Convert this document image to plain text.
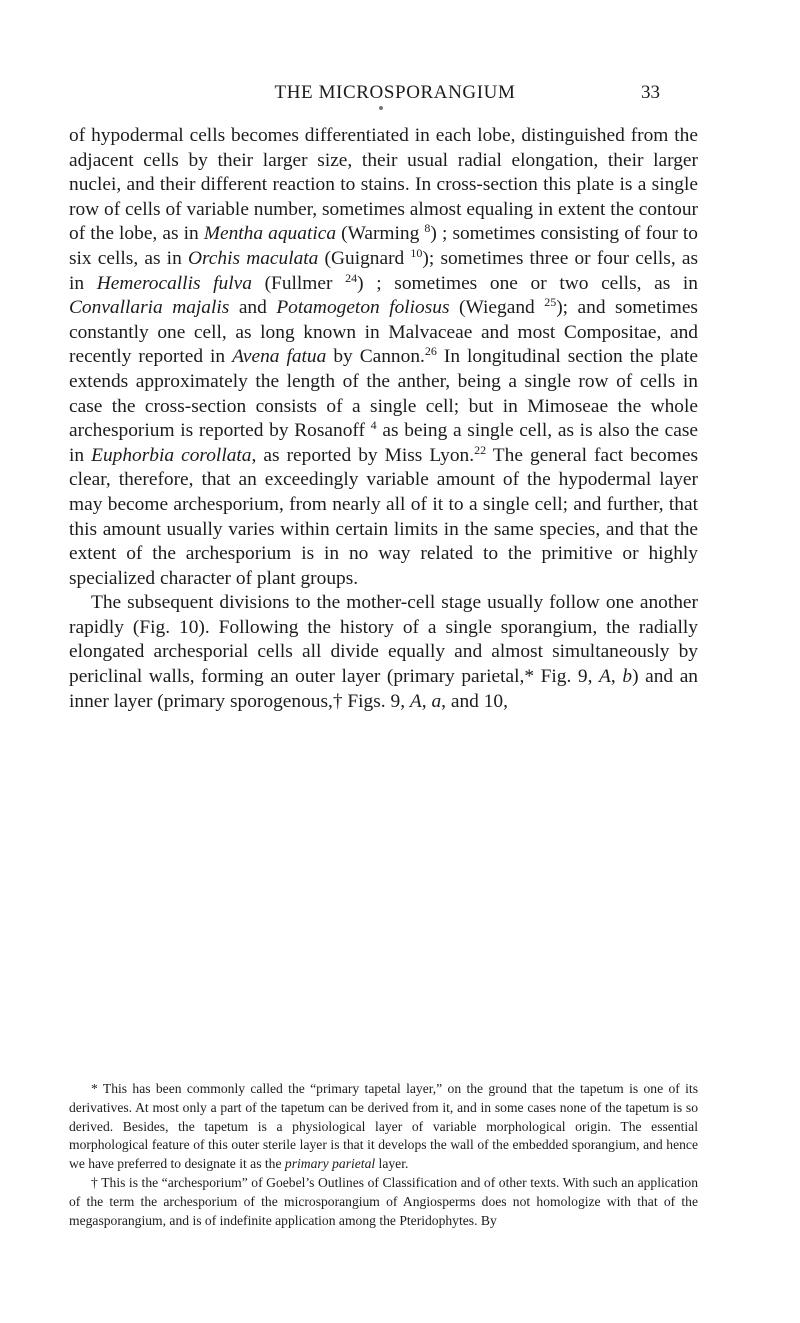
THE MICROSPORANGIUM	33

of hypodermal cells becomes differentiated in each lobe, distinguished from the adjacent cells by their larger size, their usual radial elongation, their larger nuclei, and their different reaction to stains. In cross-section this plate is a single row of cells of variable number, sometimes almost equaling in extent the contour of the lobe, as in Mentha aquatica (Warming $^8$) ; sometimes consisting of four to six cells, as in Orchis maculata (Guignard $^{10}$); sometimes three or four cells, as in Hemerocallis fulva (Fullmer $^{24}$) ; sometimes one or two cells, as in Convallaria majalis and Potamogeton foliosus (Wiegand $^{25}$); and sometimes constantly one cell, as long known in Malvaceae and most Compositae, and recently reported in Avena fatua by Cannon.$^{26}$ In longitudinal section the plate extends approximately the length of the anther, being a single row of cells in case the cross-section consists of a single cell; but in Mimoseae the whole archesporium is reported by Rosanoff $^4$ as being a single cell, as is also the case in Euphorbia corollata, as reported by Miss Lyon.$^{22}$ The general fact becomes clear, therefore, that an exceedingly variable amount of the hypodermal layer may become archesporium, from nearly all of it to a single cell; and further, that this amount usually varies within certain limits in the same species, and that the extent of the archesporium is in no way related to the primitive or highly specialized character of plant groups.

The subsequent divisions to the mother-cell stage usually follow one another rapidly (Fig. 10). Following the history of a single sporangium, the radially elongated archesporial cells all divide equally and almost simultaneously by periclinal walls, forming an outer layer (primary parietal,* Fig. 9, A, b) and an inner layer (primary sporogenous,† Figs. 9, A, a, and 10,

* This has been commonly called the “primary tapetal layer,” on the ground that the tapetum is one of its derivatives. At most only a part of the tapetum can be derived from it, and in some cases none of the tapetum is so derived. Besides, the tapetum is a physiological layer of variable morphological origin. The essential morphological feature of this outer sterile layer is that it develops the wall of the embedded sporangium, and hence we have preferred to designate it as the primary parietal layer.

† This is the “archesporium” of Goebel’s Outlines of Classification and of other texts. With such an application of the term the archesporium of the microsporangium of Angiosperms does not homologize with that of the megasporangium, and is of indefinite application among the Pteridophytes. By
